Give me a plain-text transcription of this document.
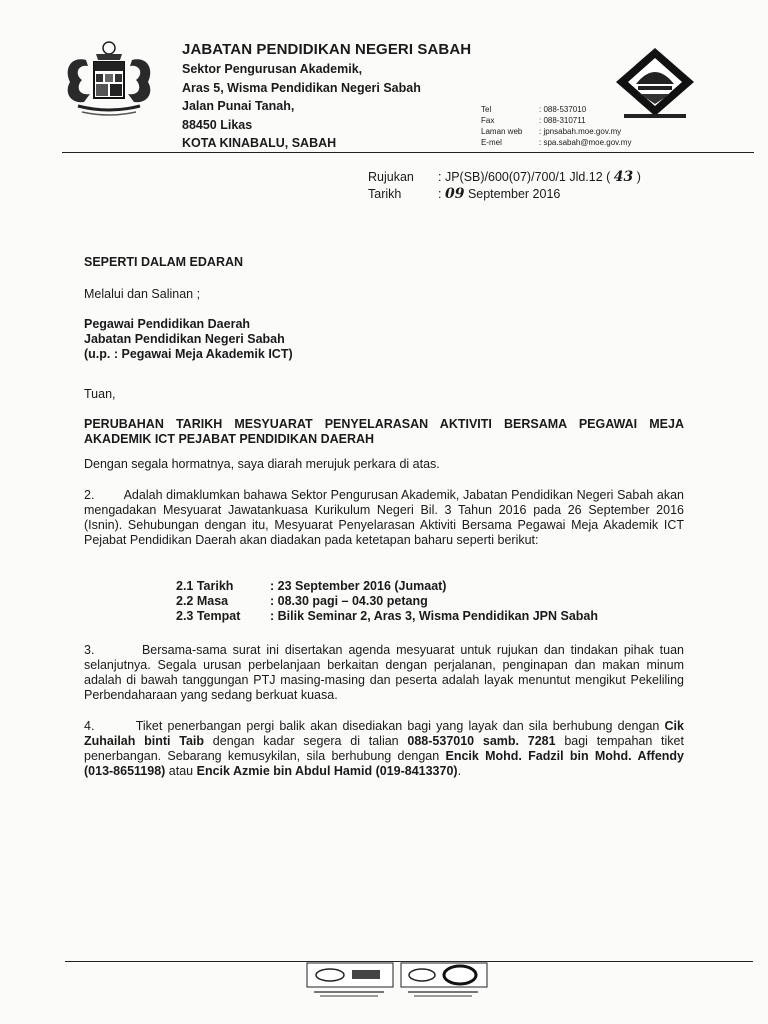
JABATAN PENDIDIKAN NEGERI SABAH
Sektor Pengurusan Akademik,
Aras 5, Wisma Pendidikan Negeri Sabah
Jalan Punai Tanah,
88450 Likas
KOTA KINABALU, SABAH
Tel	: 088-537010
Fax	: 088-310711
Laman web : jpnsabah.moe.gov.my
E-mel	: spa.sabah@moe.gov.my
Rujukan : JP(SB)/600(07)/700/1 Jld.12 ( 43 )
Tarikh	: 09 September 2016
SEPERTI DALAM EDARAN
Melalui dan Salinan ;
Pegawai Pendidikan Daerah
Jabatan Pendidikan Negeri Sabah
(u.p. : Pegawai Meja Akademik ICT)
Tuan,
PERUBAHAN TARIKH MESYUARAT PENYELARASAN AKTIVITI BERSAMA PEGAWAI MEJA AKADEMIK ICT PEJABAT PENDIDIKAN DAERAH
Dengan segala hormatnya, saya diarah merujuk perkara di atas.
2. Adalah dimaklumkan bahawa Sektor Pengurusan Akademik, Jabatan Pendidikan Negeri Sabah akan mengadakan Mesyuarat Jawatankuasa Kurikulum Negeri Bil. 3 Tahun 2016 pada 26 September 2016 (Isnin). Sehubungan dengan itu, Mesyuarat Penyelarasan Aktiviti Bersama Pegawai Meja Akademik ICT Pejabat Pendidikan Daerah akan diadakan pada ketetapan baharu seperti berikut:
2.1 Tarikh	: 23 September 2016 (Jumaat)
2.2 Masa	: 08.30 pagi – 04.30 petang
2.3 Tempat : Bilik Seminar 2, Aras 3, Wisma Pendidikan JPN Sabah
3.	Bersama-sama surat ini disertakan agenda mesyuarat untuk rujukan dan tindakan pihak tuan selanjutnya. Segala urusan perbelanjaan berkaitan dengan perjalanan, penginapan dan makan minum adalah di bawah tanggungan PTJ masing-masing dan peserta adalah layak menuntut mengikut Pekeliling Perbendaharaan yang sedang berkuat kuasa.
4.	Tiket penerbangan pergi balik akan disediakan bagi yang layak dan sila berhubung dengan Cik Zuhailah binti Taib dengan kadar segera di talian 088-537010 samb. 7281 bagi tempahan tiket penerbangan. Sebarang kemusykilan, sila berhubung dengan Encik Mohd. Fadzil bin Mohd. Affendy (013-8651198) atau Encik Azmie bin Abdul Hamid (019-8413370).
